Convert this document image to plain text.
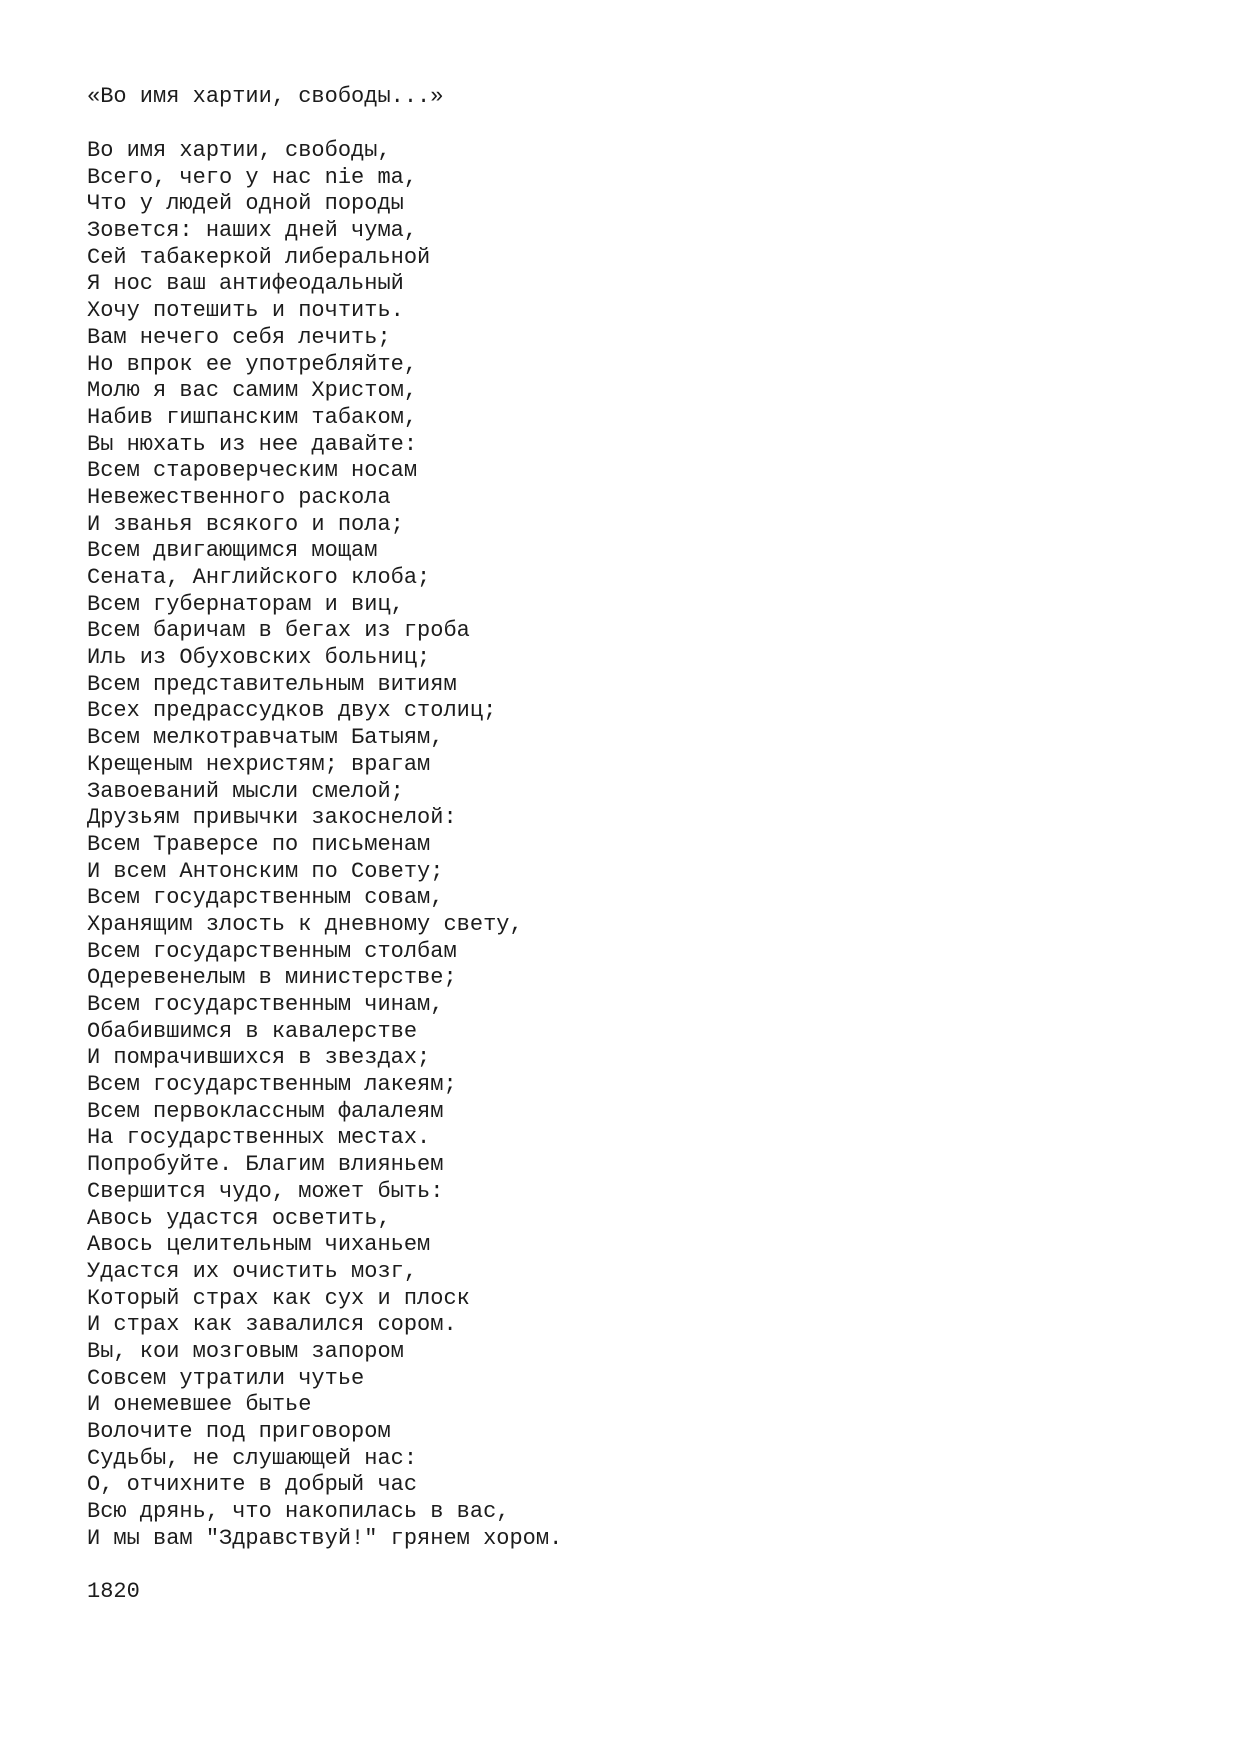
«Во имя хартии, свободы...»
Во имя хартии, свободы,
Всего, чего у нас nie ma,
Что у людей одной породы
Зовется: наших дней чума,
Сей табакеркой либеральной
Я нос ваш антифеодальный
Хочу потешить и почтить.
Вам нечего себя лечить;
Но впрок ее употребляйте,
Молю я вас самим Христом,
Набив гишпанским табаком,
Вы нюхать из нее давайте:
Всем староверческим носам
Невежественного раскола
И званья всякого и пола;
Всем двигающимся мощам
Сената, Английского клоба;
Всем губернаторам и виц,
Всем баричам в бегах из гроба
Иль из Обуховских больниц;
Всем представительным витиям
Всех предрассудков двух столиц;
Всем мелкотравчатым Батыям,
Крещеным нехристям; врагам
Завоеваний мысли смелой;
Друзьям привычки закоснелой:
Всем Траверсе по письменам
И всем Антонским по Совету;
Всем государственным совам,
Хранящим злость к дневному свету,
Всем государственным столбам
Одеревенелым в министерстве;
Всем государственным чинам,
Обабившимся в кавалерстве
И помрачившихся в звездах;
Всем государственным лакеям;
Всем первоклассным фалалеям
На государственных местах.
Попробуйте. Благим влияньем
Свершится чудо, может быть:
Авось удастся осветить,
Авось целительным чиханьем
Удастся их очистить мозг,
Который страх как сух и плоск
И страх как завалился сором.
Вы, кои мозговым запором
Совсем утратили чутье
И онемевшее бытье
Волочите под приговором
Судьбы, не слушающей нас:
О, отчихните в добрый час
Всю дрянь, что накопилась в вас,
И мы вам "Здравствуй!" грянем хором.
1820
